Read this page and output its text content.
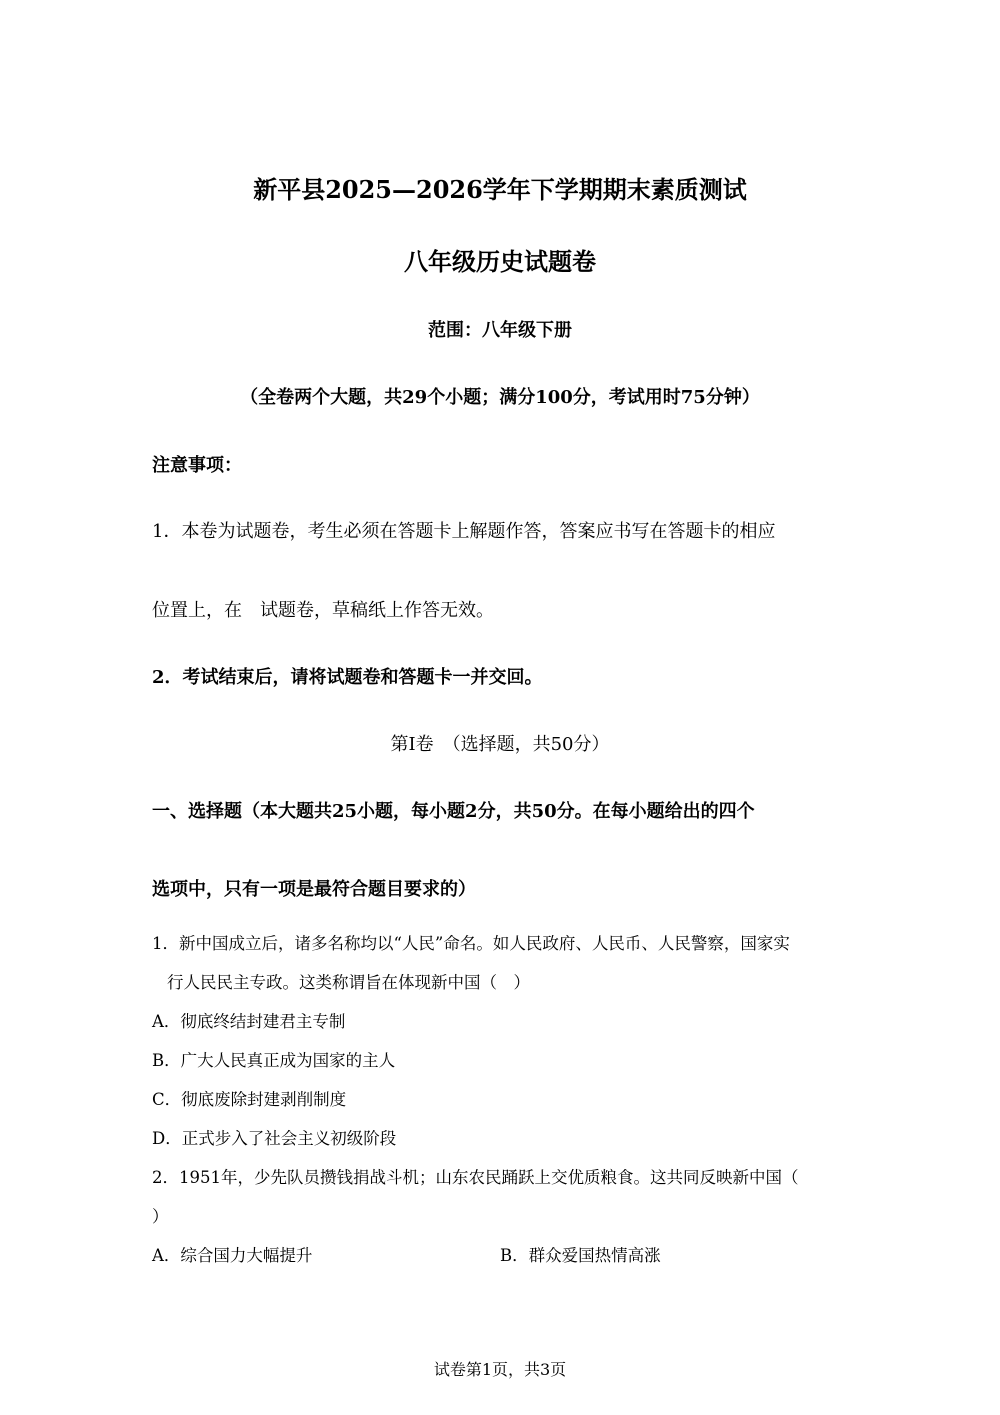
新平县2025—2026学年下学期期末素质测试
八年级历史试题卷
范围：八年级下册
（全卷两个大题，共29个小题；满分100分，考试用时75分钟）
注意事项：
1．本卷为试题卷，考生必须在答题卡上解题作答，答案应书写在答题卡的相应
位置上，在　试题卷，草稿纸上作答无效。
2．考试结束后，请将试题卷和答题卡一并交回。
第I卷　（选择题，共50分）
一、选择题（本大题共25小题，每小题2分，共50分。在每小题给出的四个
选项中，只有一项是最符合题目要求的）
1．新中国成立后，诸多名称均以“人民”命名。如人民政府、人民币、人民警察，国家实
行人民民主专政。这类称谓旨在体现新中国（　）
A．彻底终结封建君主专制
B．广大人民真正成为国家的主人
C．彻底废除封建剥削制度
D．正式步入了社会主义初级阶段
2．1951年，少先队员攒钱捐战斗机；山东农民踊跃上交优质粮食。这共同反映新中国（
）
A．综合国力大幅提升	B．群众爱国热情高涨
试卷第1页，共3页
